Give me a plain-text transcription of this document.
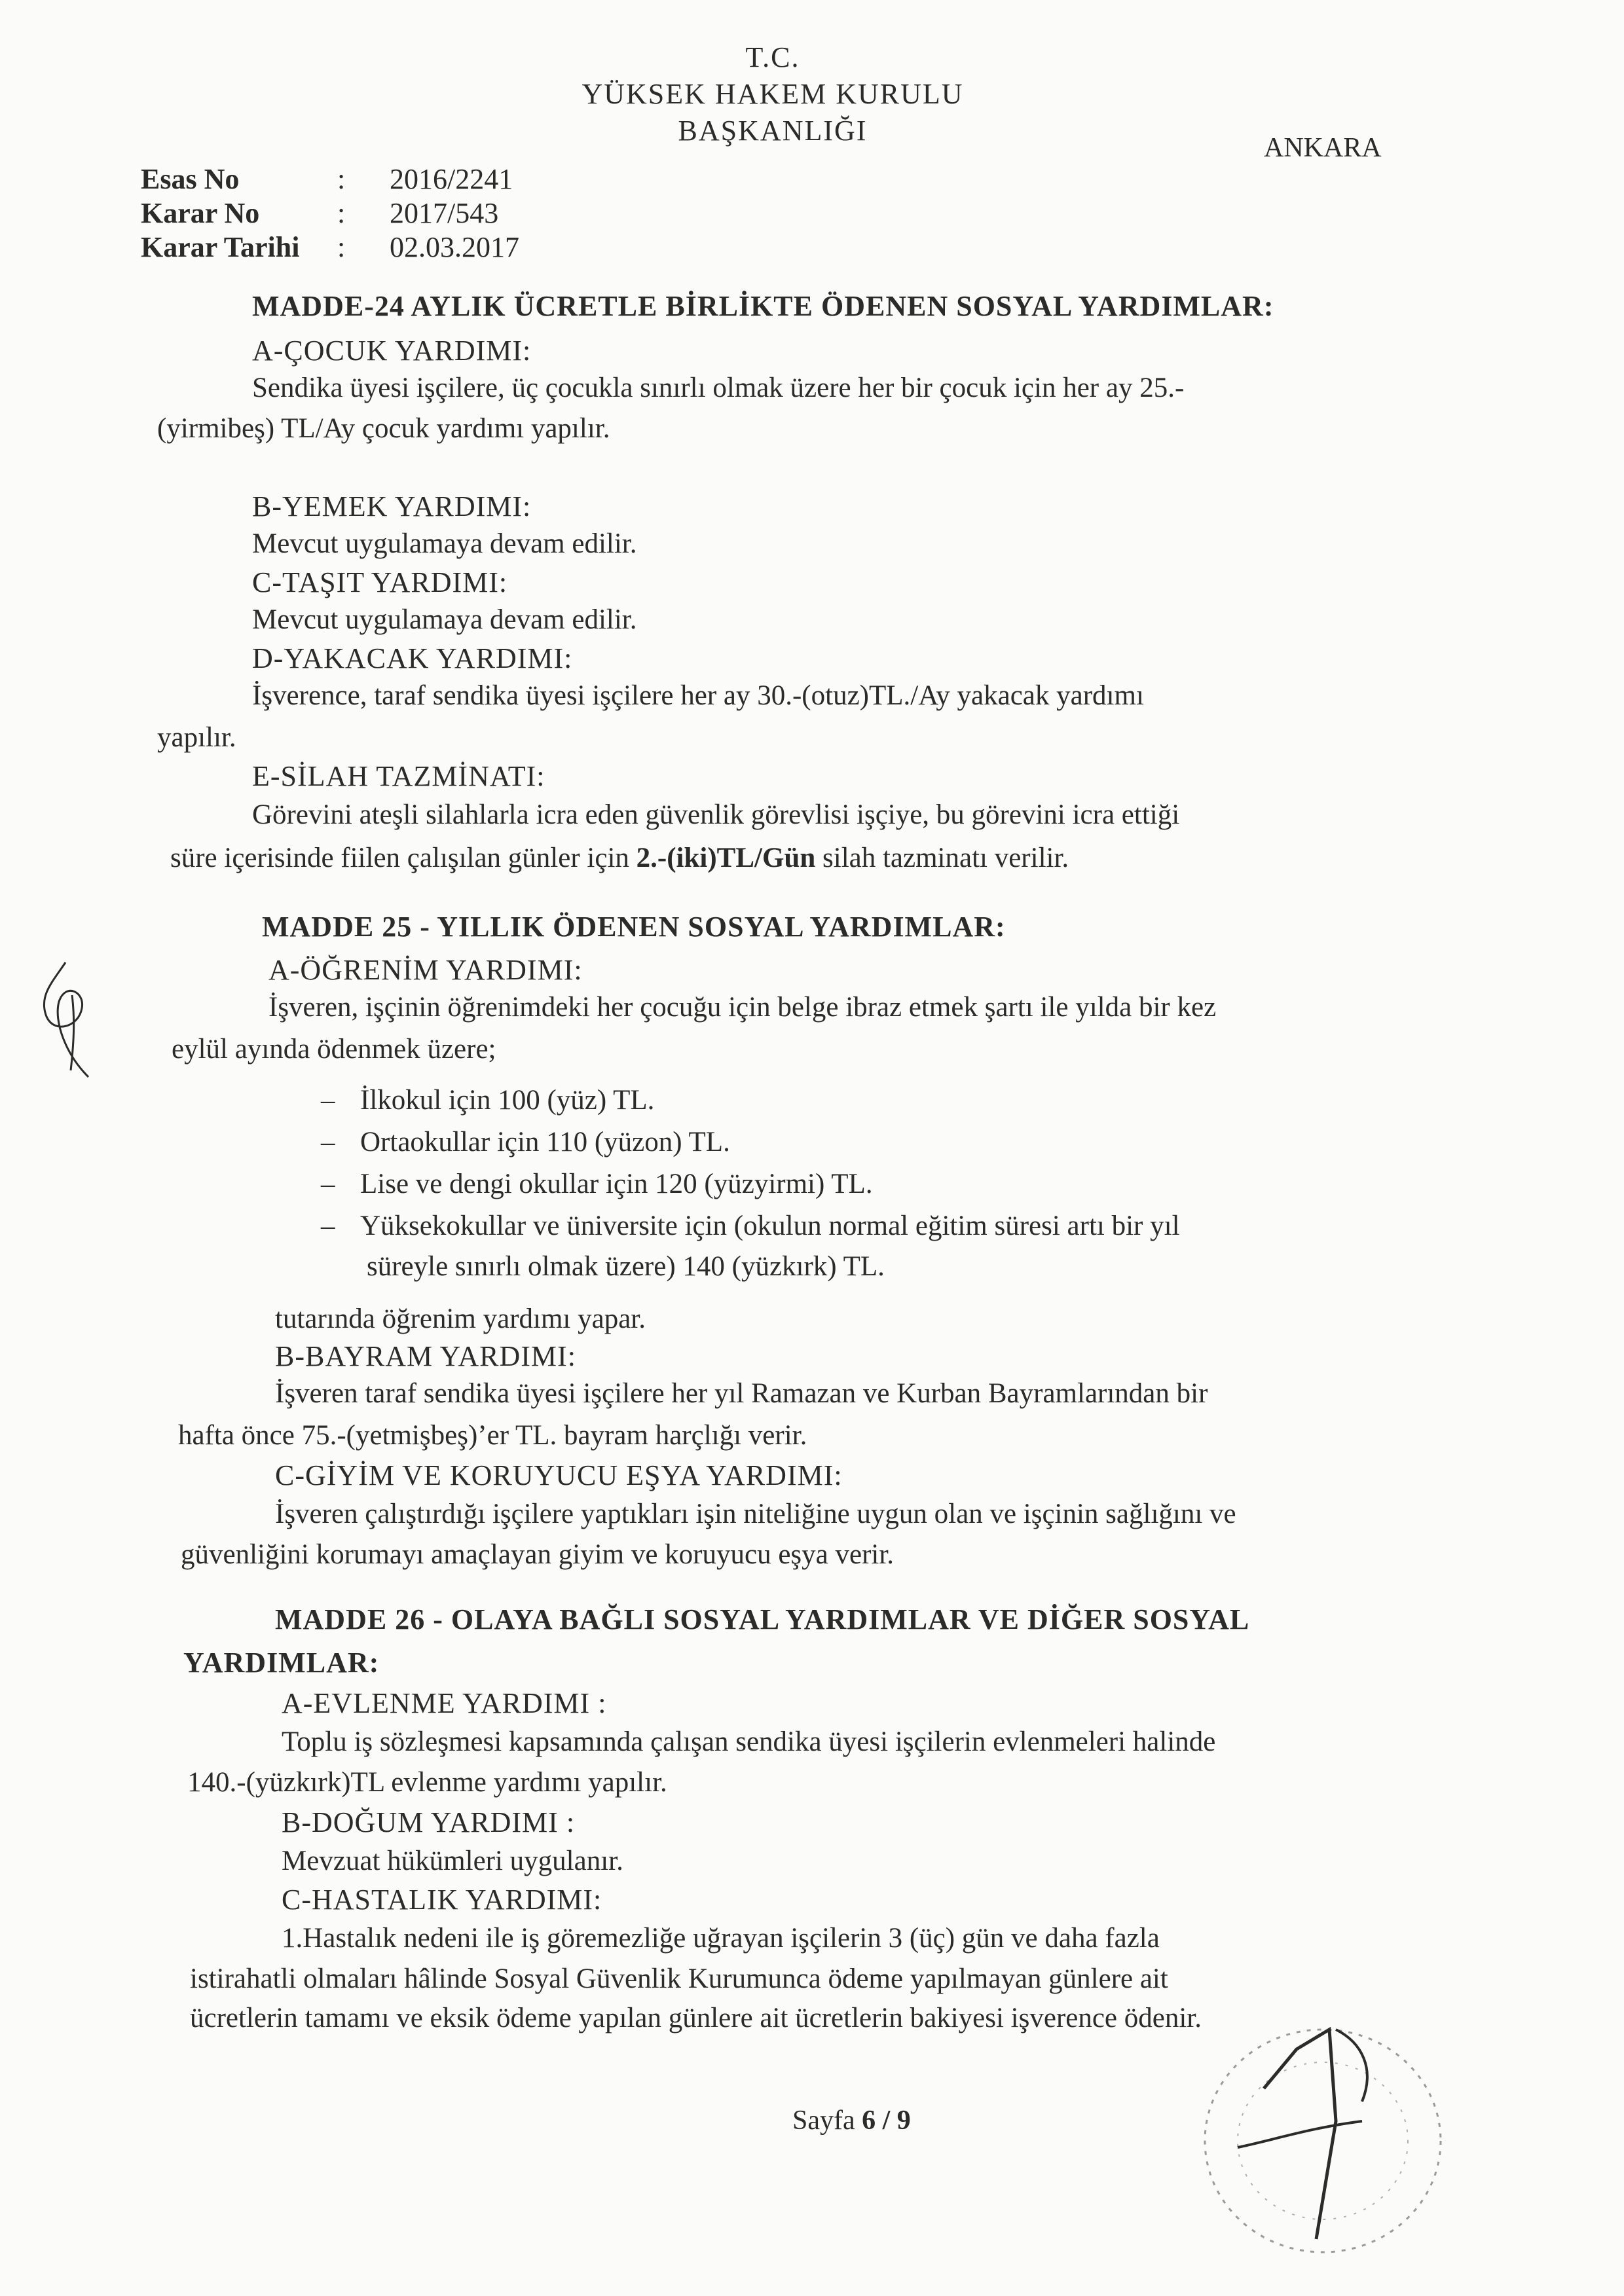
T.C.
YÜKSEK HAKEM KURULU
BAŞKANLIĞI
ANKARA
Esas No	: 2016/2241
Karar No	: 2017/543
Karar Tarihi : 02.03.2017
MADDE-24 AYLIK ÜCRETLE BİRLİKTE ÖDENEN SOSYAL YARDIMLAR:
A-ÇOCUK YARDIMI:
Sendika üyesi işçilere, üç çocukla sınırlı olmak üzere her bir çocuk için her ay 25.-
(yirmibeş) TL/Ay çocuk yardımı yapılır.
B-YEMEK YARDIMI:
Mevcut uygulamaya devam edilir.
C-TAŞIT YARDIMI:
Mevcut uygulamaya devam edilir.
D-YAKACAK YARDIMI:
İşverence, taraf sendika üyesi işçilere her ay 30.-(otuz)TL./Ay yakacak yardımı
yapılır.
E-SİLAH TAZMİNATI:
Görevini ateşli silahlarla icra eden güvenlik görevlisi işçiye, bu görevini icra ettiği
süre içerisinde fiilen çalışılan günler için 2.-(iki)TL/Gün silah tazminatı verilir.
MADDE 25 - YILLIK ÖDENEN SOSYAL YARDIMLAR:
A-ÖĞRENİM YARDIMI:
İşveren, işçinin öğrenimdeki her çocuğu için belge ibraz etmek şartı ile yılda bir kez
eylül ayında ödenmek üzere;
– İlkokul için 100 (yüz) TL.
– Ortaokullar için 110 (yüzon) TL.
– Lise ve dengi okullar için 120 (yüzyirmi) TL.
– Yüksekokullar ve üniversite için (okulun normal eğitim süresi artı bir yıl
süreyle sınırlı olmak üzere) 140 (yüzkırk) TL.
tutarında öğrenim yardımı yapar.
B-BAYRAM YARDIMI:
İşveren taraf sendika üyesi işçilere her yıl Ramazan ve Kurban Bayramlarından bir
hafta önce 75.-(yetmişbeş)’er TL. bayram harçlığı verir.
C-GİYİM VE KORUYUCU EŞYA YARDIMI:
İşveren çalıştırdığı işçilere yaptıkları işin niteliğine uygun olan ve işçinin sağlığını ve
güvenliğini korumayı amaçlayan giyim ve koruyucu eşya verir.
MADDE 26 - OLAYA BAĞLI SOSYAL YARDIMLAR VE DİĞER SOSYAL
YARDIMLAR:
A-EVLENME YARDIMI :
Toplu iş sözleşmesi kapsamında çalışan sendika üyesi işçilerin evlenmeleri halinde
140.-(yüzkırk)TL evlenme yardımı yapılır.
B-DOĞUM YARDIMI :
Mevzuat hükümleri uygulanır.
C-HASTALIK YARDIMI:
1.Hastalık nedeni ile iş göremezliğe uğrayan işçilerin 3 (üç) gün ve daha fazla
istirahatli olmaları hâlinde Sosyal Güvenlik Kurumunca ödeme yapılmayan günlere ait
ücretlerin tamamı ve eksik ödeme yapılan günlere ait ücretlerin bakiyesi işverence ödenir.
Sayfa 6 / 9
